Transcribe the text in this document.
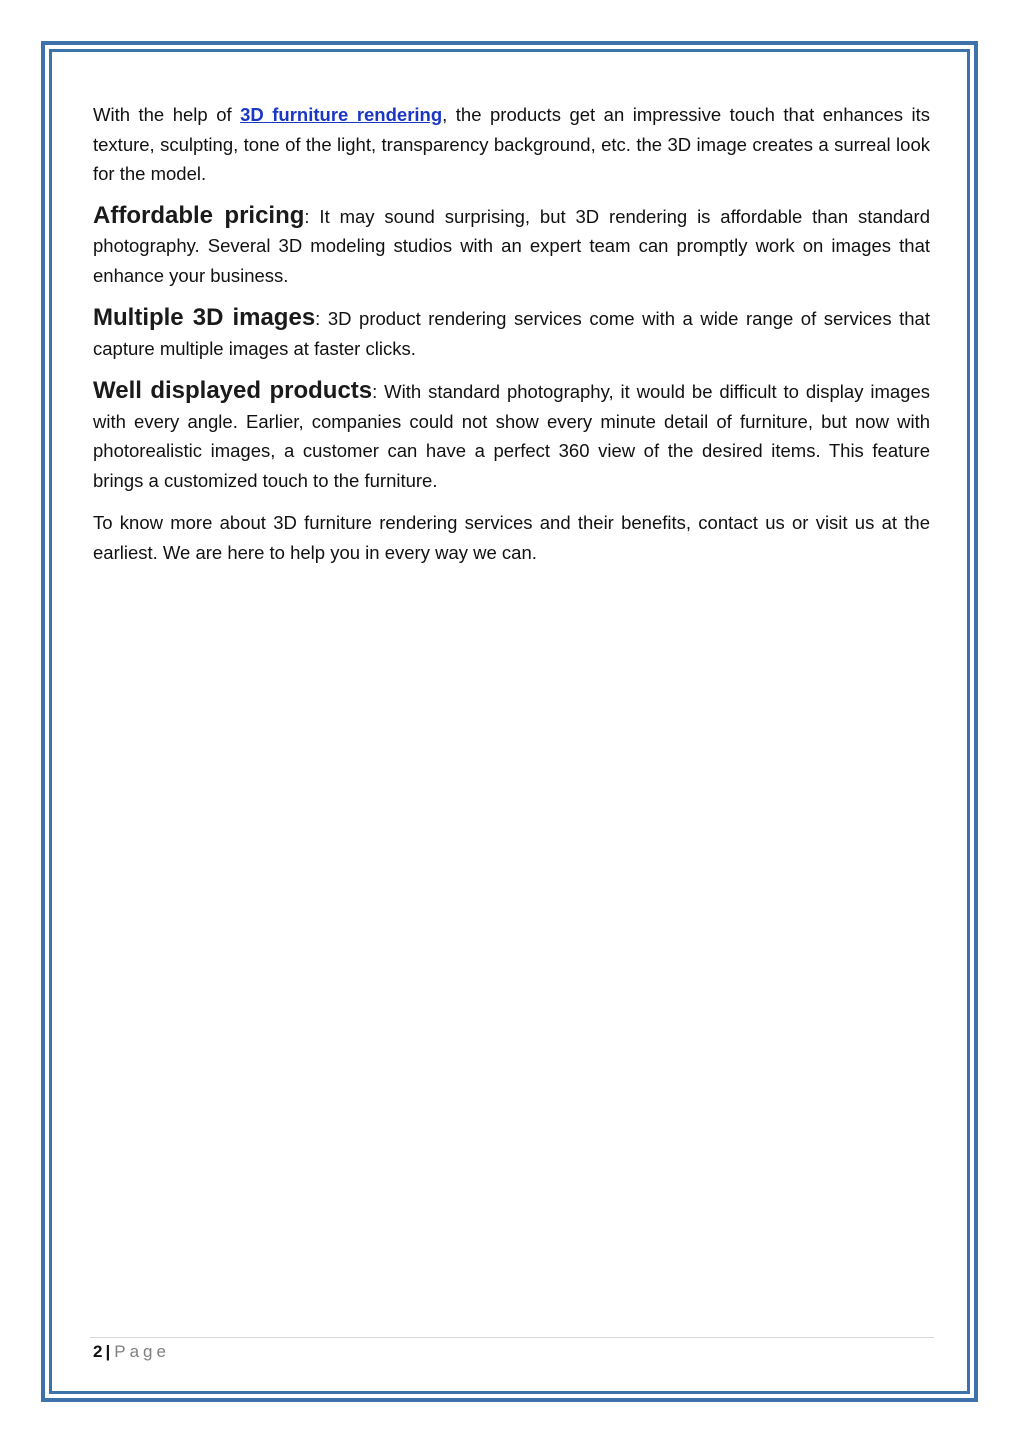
With the help of 3D furniture rendering, the products get an impressive touch that enhances its texture, sculpting, tone of the light, transparency background, etc. the 3D image creates a surreal look for the model.

Affordable pricing: It may sound surprising, but 3D rendering is affordable than standard photography. Several 3D modeling studios with an expert team can promptly work on images that enhance your business.

Multiple 3D images: 3D product rendering services come with a wide range of services that capture multiple images at faster clicks.

Well displayed products: With standard photography, it would be difficult to display images with every angle. Earlier, companies could not show every minute detail of furniture, but now with photorealistic images, a customer can have a perfect 360 view of the desired items. This feature brings a customized touch to the furniture.

To know more about 3D furniture rendering services and their benefits, contact us or visit us at the earliest. We are here to help you in every way we can.

2 | Page
